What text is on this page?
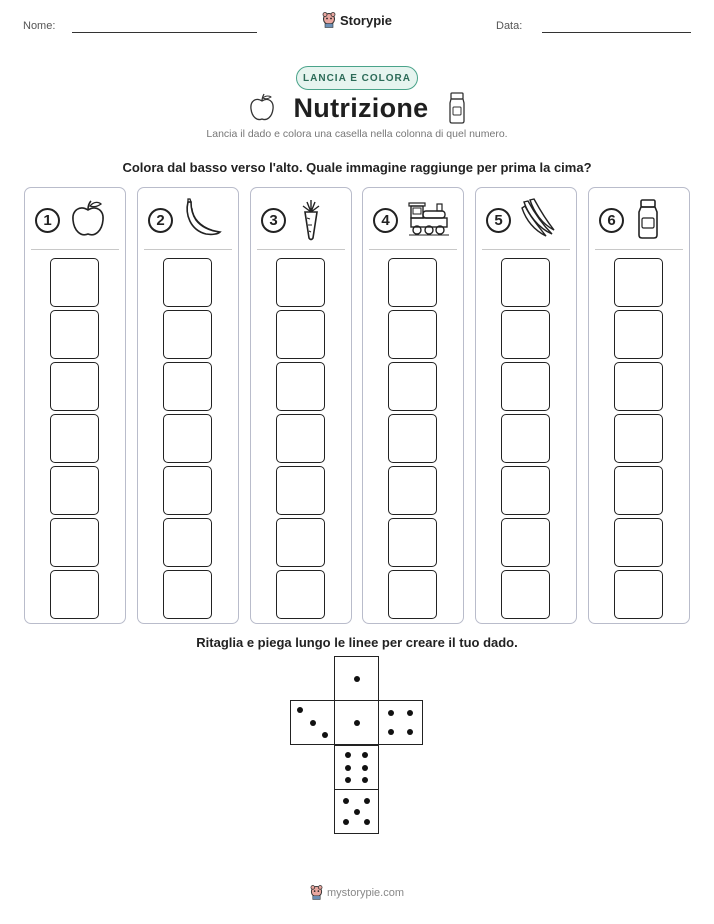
Nome:	Data:
Storypie
LANCIA E COLORA
Nutrizione
Lancia il dado e colora una casella nella colonna di quel numero.
Colora dal basso verso l'alto. Quale immagine raggiunge per prima la cima?
1	2	3	4	5	6
Ritaglia e piega lungo le linee per creare il tuo dado.
mystorypie.com
